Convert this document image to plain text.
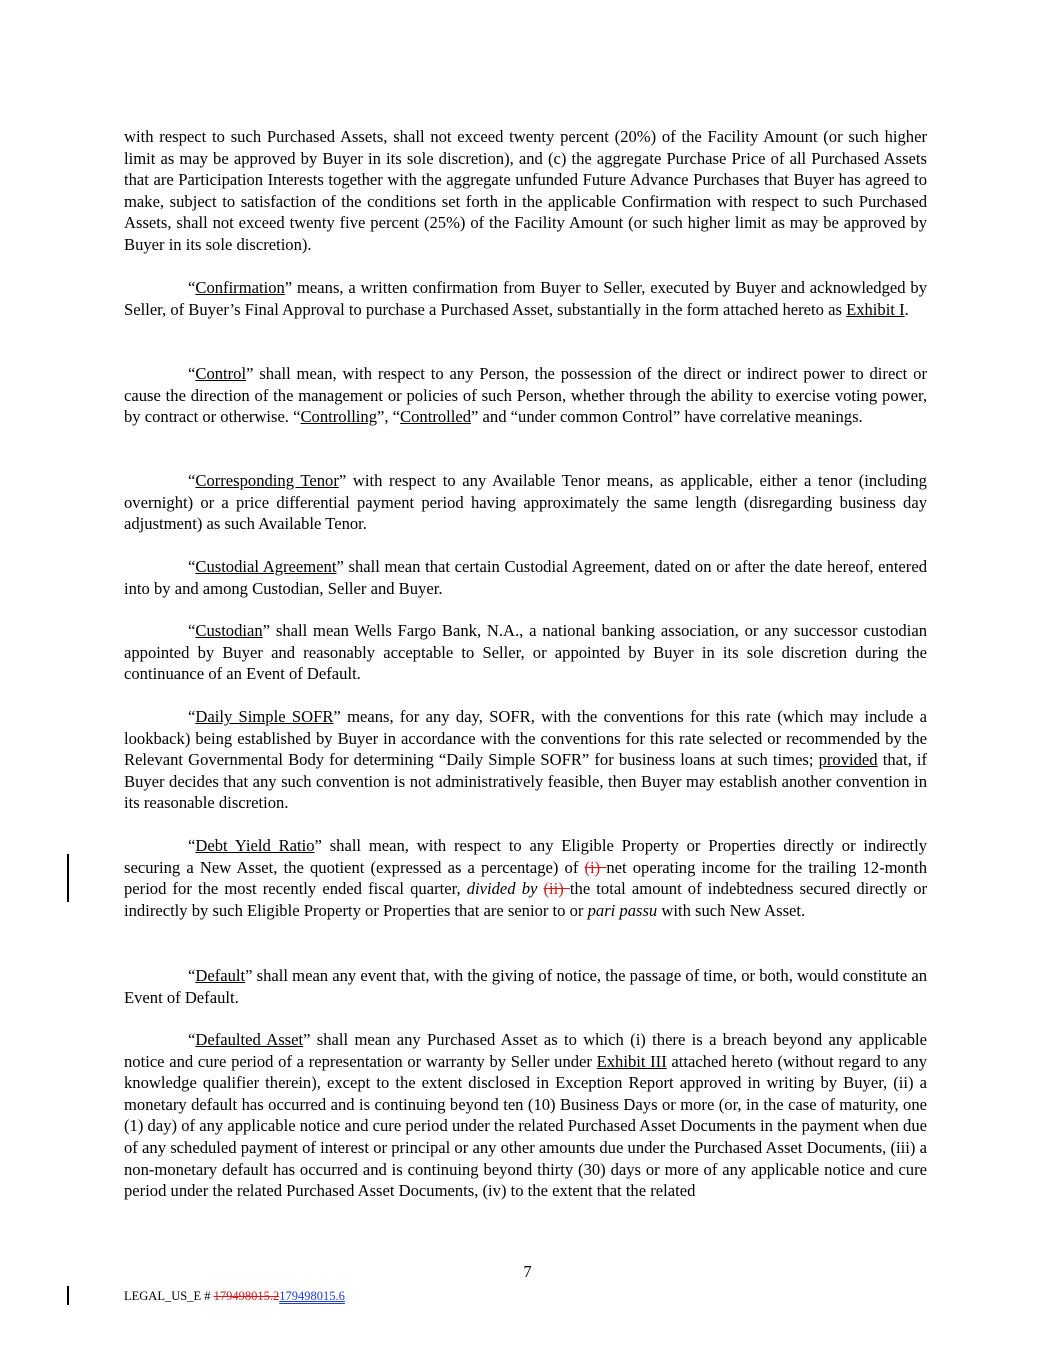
with respect to such Purchased Assets, shall not exceed twenty percent (20%) of the Facility Amount (or such higher limit as may be approved by Buyer in its sole discretion), and (c) the aggregate Purchase Price of all Purchased Assets that are Participation Interests together with the aggregate unfunded Future Advance Purchases that Buyer has agreed to make, subject to satisfaction of the conditions set forth in the applicable Confirmation with respect to such Purchased Assets, shall not exceed twenty five percent (25%) of the Facility Amount (or such higher limit as may be approved by Buyer in its sole discretion).

“Confirmation” means, a written confirmation from Buyer to Seller, executed by Buyer and acknowledged by Seller, of Buyer’s Final Approval to purchase a Purchased Asset, substantially in the form attached hereto as Exhibit I.

“Control” shall mean, with respect to any Person, the possession of the direct or indirect power to direct or cause the direction of the management or policies of such Person, whether through the ability to exercise voting power, by contract or otherwise. “Controlling”, “Controlled” and “under common Control” have correlative meanings.

“Corresponding Tenor” with respect to any Available Tenor means, as applicable, either a tenor (including overnight) or a price differential payment period having approximately the same length (disregarding business day adjustment) as such Available Tenor.

“Custodial Agreement” shall mean that certain Custodial Agreement, dated on or after the date hereof, entered into by and among Custodian, Seller and Buyer.

“Custodian” shall mean Wells Fargo Bank, N.A., a national banking association, or any successor custodian appointed by Buyer and reasonably acceptable to Seller, or appointed by Buyer in its sole discretion during the continuance of an Event of Default.

“Daily Simple SOFR” means, for any day, SOFR, with the conventions for this rate (which may include a lookback) being established by Buyer in accordance with the conventions for this rate selected or recommended by the Relevant Governmental Body for determining “Daily Simple SOFR” for business loans at such times; provided that, if Buyer decides that any such convention is not administratively feasible, then Buyer may establish another convention in its reasonable discretion.

“Debt Yield Ratio” shall mean, with respect to any Eligible Property or Properties directly or indirectly securing a New Asset, the quotient (expressed as a percentage) of (i) net operating income for the trailing 12-month period for the most recently ended fiscal quarter, divided by (ii) the total amount of indebtedness secured directly or indirectly by such Eligible Property or Properties that are senior to or pari passu with such New Asset.

“Default” shall mean any event that, with the giving of notice, the passage of time, or both, would constitute an Event of Default.

“Defaulted Asset” shall mean any Purchased Asset as to which (i) there is a breach beyond any applicable notice and cure period of a representation or warranty by Seller under Exhibit III attached hereto (without regard to any knowledge qualifier therein), except to the extent disclosed in Exception Report approved in writing by Buyer, (ii) a monetary default has occurred and is continuing beyond ten (10) Business Days or more (or, in the case of maturity, one (1) day) of any applicable notice and cure period under the related Purchased Asset Documents in the payment when due of any scheduled payment of interest or principal or any other amounts due under the Purchased Asset Documents, (iii) a non-monetary default has occurred and is continuing beyond thirty (30) days or more of any applicable notice and cure period under the related Purchased Asset Documents, (iv) to the extent that the related

7
LEGAL_US_E # 179498015.2179498015.6
